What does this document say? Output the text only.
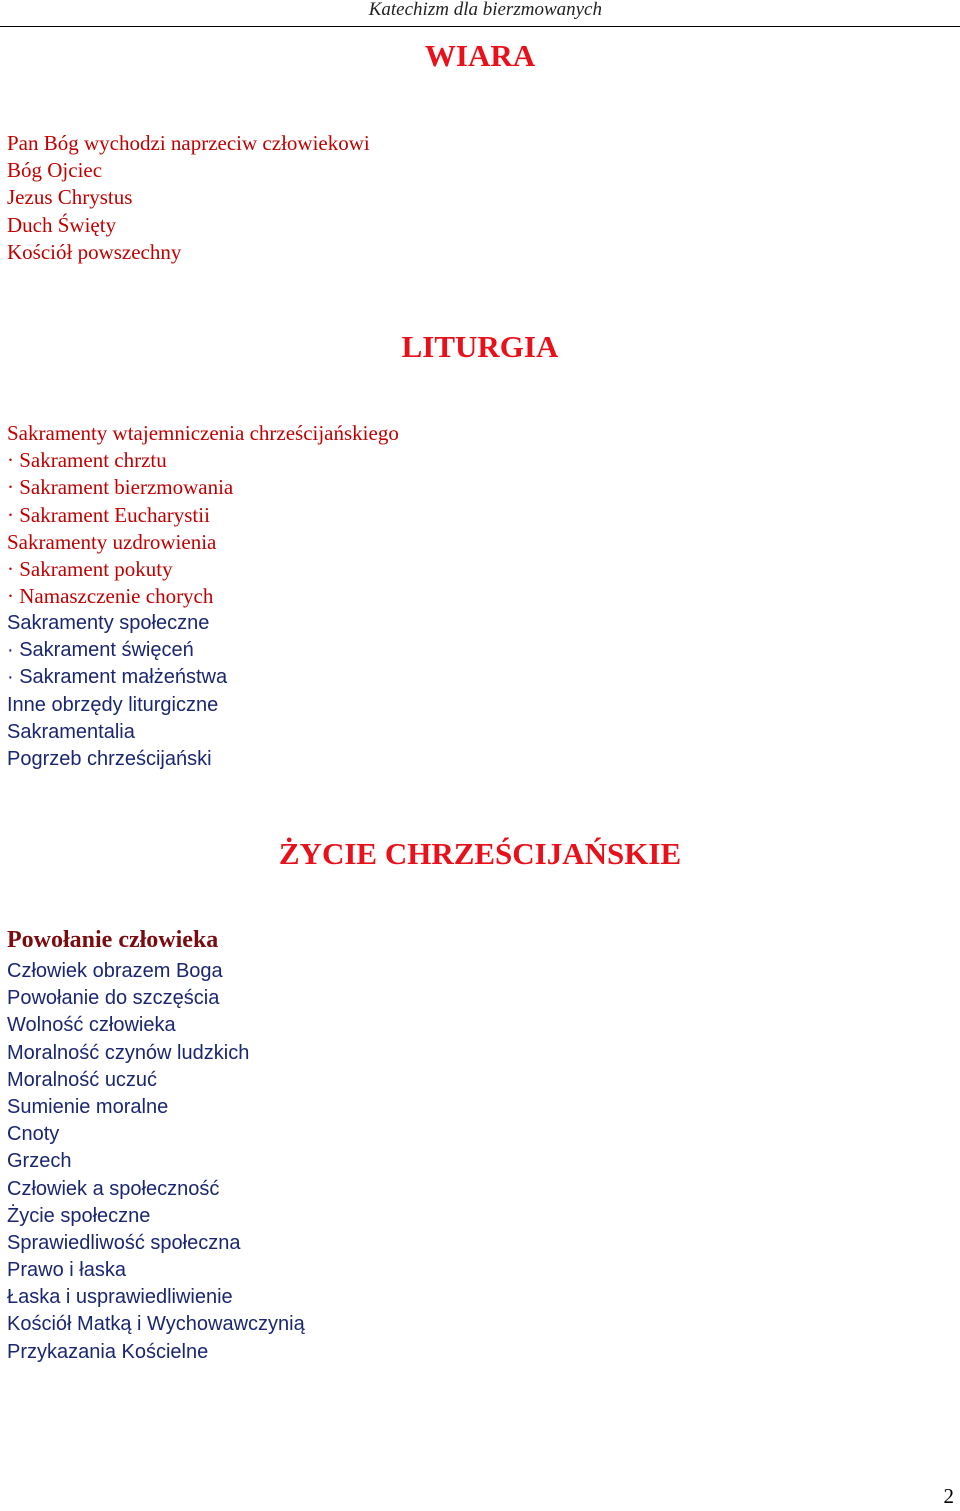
Katechizm dla bierzmowanych
WIARA
Pan Bóg wychodzi naprzeciw człowiekowi
Bóg Ojciec
Jezus Chrystus
Duch Święty
Kościół powszechny
LITURGIA
Sakramenty wtajemniczenia chrześcijańskiego
· Sakrament chrztu
· Sakrament bierzmowania
· Sakrament Eucharystii
Sakramenty uzdrowienia
· Sakrament pokuty
· Namaszczenie chorych
Sakramenty społeczne
· Sakrament święceń
· Sakrament małżeństwa
Inne obrzędy liturgiczne
Sakramentalia
Pogrzeb chrześcijański
ŻYCIE CHRZEŚCIJAŃSKIE
Powołanie człowieka
Człowiek obrazem Boga
Powołanie do szczęścia
Wolność człowieka
Moralność czynów ludzkich
Moralność uczuć
Sumienie moralne
Cnoty
Grzech
Człowiek a społeczność
Życie społeczne
Sprawiedliwość społeczna
Prawo i łaska
Łaska i usprawiedliwienie
Kościół Matką i Wychowawczynią
Przykazania Kościelne
2
